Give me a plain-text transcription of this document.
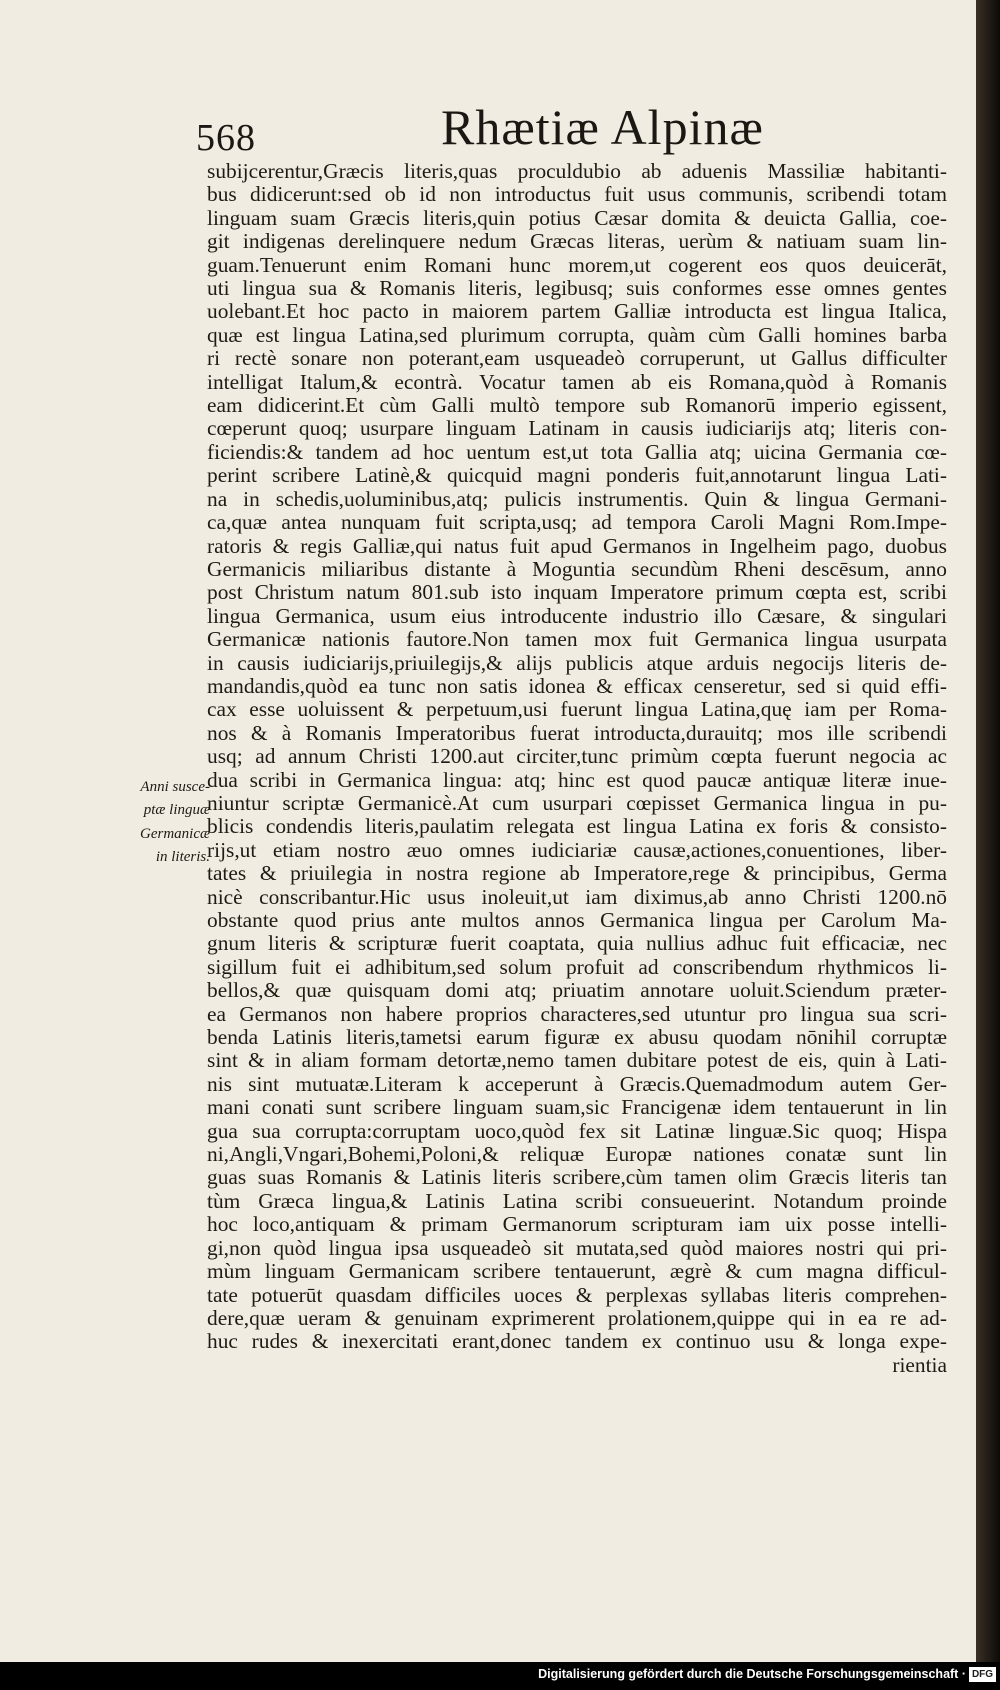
568	Rhætiæ Alpinæ
subijcerentur,Græcis literis,quas proculdubio ab aduenis Massiliæ habitanti-
bus didicerunt:sed ob id non introductus fuit usus communis, scribendi totam
linguam suam Græcis literis,quin potius Cæsar domita & deuicta Gallia, coe-
git indigenas derelinquere nedum Græcas literas, uerùm & natiuam suam lin-
guam.Tenuerunt enim Romani hunc morem,ut cogerent eos quos deuicerāt,
uti lingua sua & Romanis literis, legibusq; suis conformes esse omnes gentes
uolebant.Et hoc pacto in maiorem partem Galliæ introducta est lingua Italica,
quæ est lingua Latina,sed plurimum corrupta, quàm cùm Galli homines barba
ri rectè sonare non poterant,eam usqueadeò corruperunt, ut Gallus difficulter
intelligat Italum,& econtrà. Vocatur tamen ab eis Romana,quòd à Romanis
eam didicerint.Et cùm Galli multò tempore sub Romanorū imperio egissent,
cœperunt quoq; usurpare linguam Latinam in causis iudiciarijs atq; literis con-
ficiendis:& tandem ad hoc uentum est,ut tota Gallia atq; uicina Germania cœ-
perint scribere Latinè,& quicquid magni ponderis fuit,annotarunt lingua Lati-
na in schedis,uoluminibus,atq; pulicis instrumentis. Quin & lingua Germani-
ca,quæ antea nunquam fuit scripta,usq; ad tempora Caroli Magni Rom.Impe-
ratoris & regis Galliæ,qui natus fuit apud Germanos in Ingelheim pago, duobus
Germanicis miliaribus distante à Moguntia secundùm Rheni descēsum, anno
post Christum natum 801.sub isto inquam Imperatore primum cœpta est, scribi
lingua Germanica, usum eius introducente industrio illo Cæsare, & singulari
Germanicæ nationis fautore.Non tamen mox fuit Germanica lingua usurpata
in causis iudiciarijs,priuilegijs,& alijs publicis atque arduis negocijs literis de-
mandandis,quòd ea tunc non satis idonea & efficax censeretur, sed si quid effi-
cax esse uoluissent & perpetuum,usi fuerunt lingua Latina,quę iam per Roma-
nos & à Romanis Imperatoribus fuerat introducta,durauitq; mos ille scribendi
usq; ad annum Christi 1200.aut circiter,tunc primùm cœpta fuerunt negocia ac
dua scribi in Germanica lingua: atq; hinc est quod paucæ antiquæ literæ inue-
niuntur scriptæ Germanicè.At cum usurpari cœpisset Germanica lingua in pu-
blicis condendis literis,paulatim relegata est lingua Latina ex foris & consisto-
rijs,ut etiam nostro æuo omnes iudiciariæ causæ,actiones,conuentiones, liber-
tates & priuilegia in nostra regione ab Imperatore,rege & principibus, Germa
nicè conscribantur.Hic usus inoleuit,ut iam diximus,ab anno Christi 1200.nō
obstante quod prius ante multos annos Germanica lingua per Carolum Ma-
gnum literis & scripturæ fuerit coaptata, quia nullius adhuc fuit efficaciæ, nec
sigillum fuit ei adhibitum,sed solum profuit ad conscribendum rhythmicos li-
bellos,& quæ quisquam domi atq; priuatim annotare uoluit.Sciendum præter-
ea Germanos non habere proprios characteres,sed utuntur pro lingua sua scri-
benda Latinis literis,tametsi earum figuræ ex abusu quodam nōnihil corruptæ
sint & in aliam formam detortæ,nemo tamen dubitare potest de eis, quin à Lati-
nis sint mutuatæ.Literam k acceperunt à Græcis.Quemadmodum autem Ger-
mani conati sunt scribere linguam suam,sic Francigenæ idem tentauerunt in lin
gua sua corrupta:corruptam uoco,quòd fex sit Latinæ linguæ.Sic quoq; Hispa
ni,Angli,Vngari,Bohemi,Poloni,& reliquæ Europæ nationes conatæ sunt lin
guas suas Romanis & Latinis literis scribere,cùm tamen olim Græcis literis tan
tùm Græca lingua,& Latinis Latina scribi consueuerint. Notandum proinde
hoc loco,antiquam & primam Germanorum scripturam iam uix posse intelli-
gi,non quòd lingua ipsa usqueadeò sit mutata,sed quòd maiores nostri qui pri-
mùm linguam Germanicam scribere tentauerunt, ægrè & cum magna difficul-
tate potuerūt quasdam difficiles uoces & perplexas syllabas literis comprehen-
dere,quæ ueram & genuinam exprimerent prolationem,quippe qui in ea re ad-
huc rudes & inexercitati erant,donec tandem ex continuo usu & longa expe-
rientia
Anni susce-
ptæ linguæ
Germanicæ
in literis.
Digitalisierung gefördert durch die Deutsche Forschungsgemeinschaft · DFG
